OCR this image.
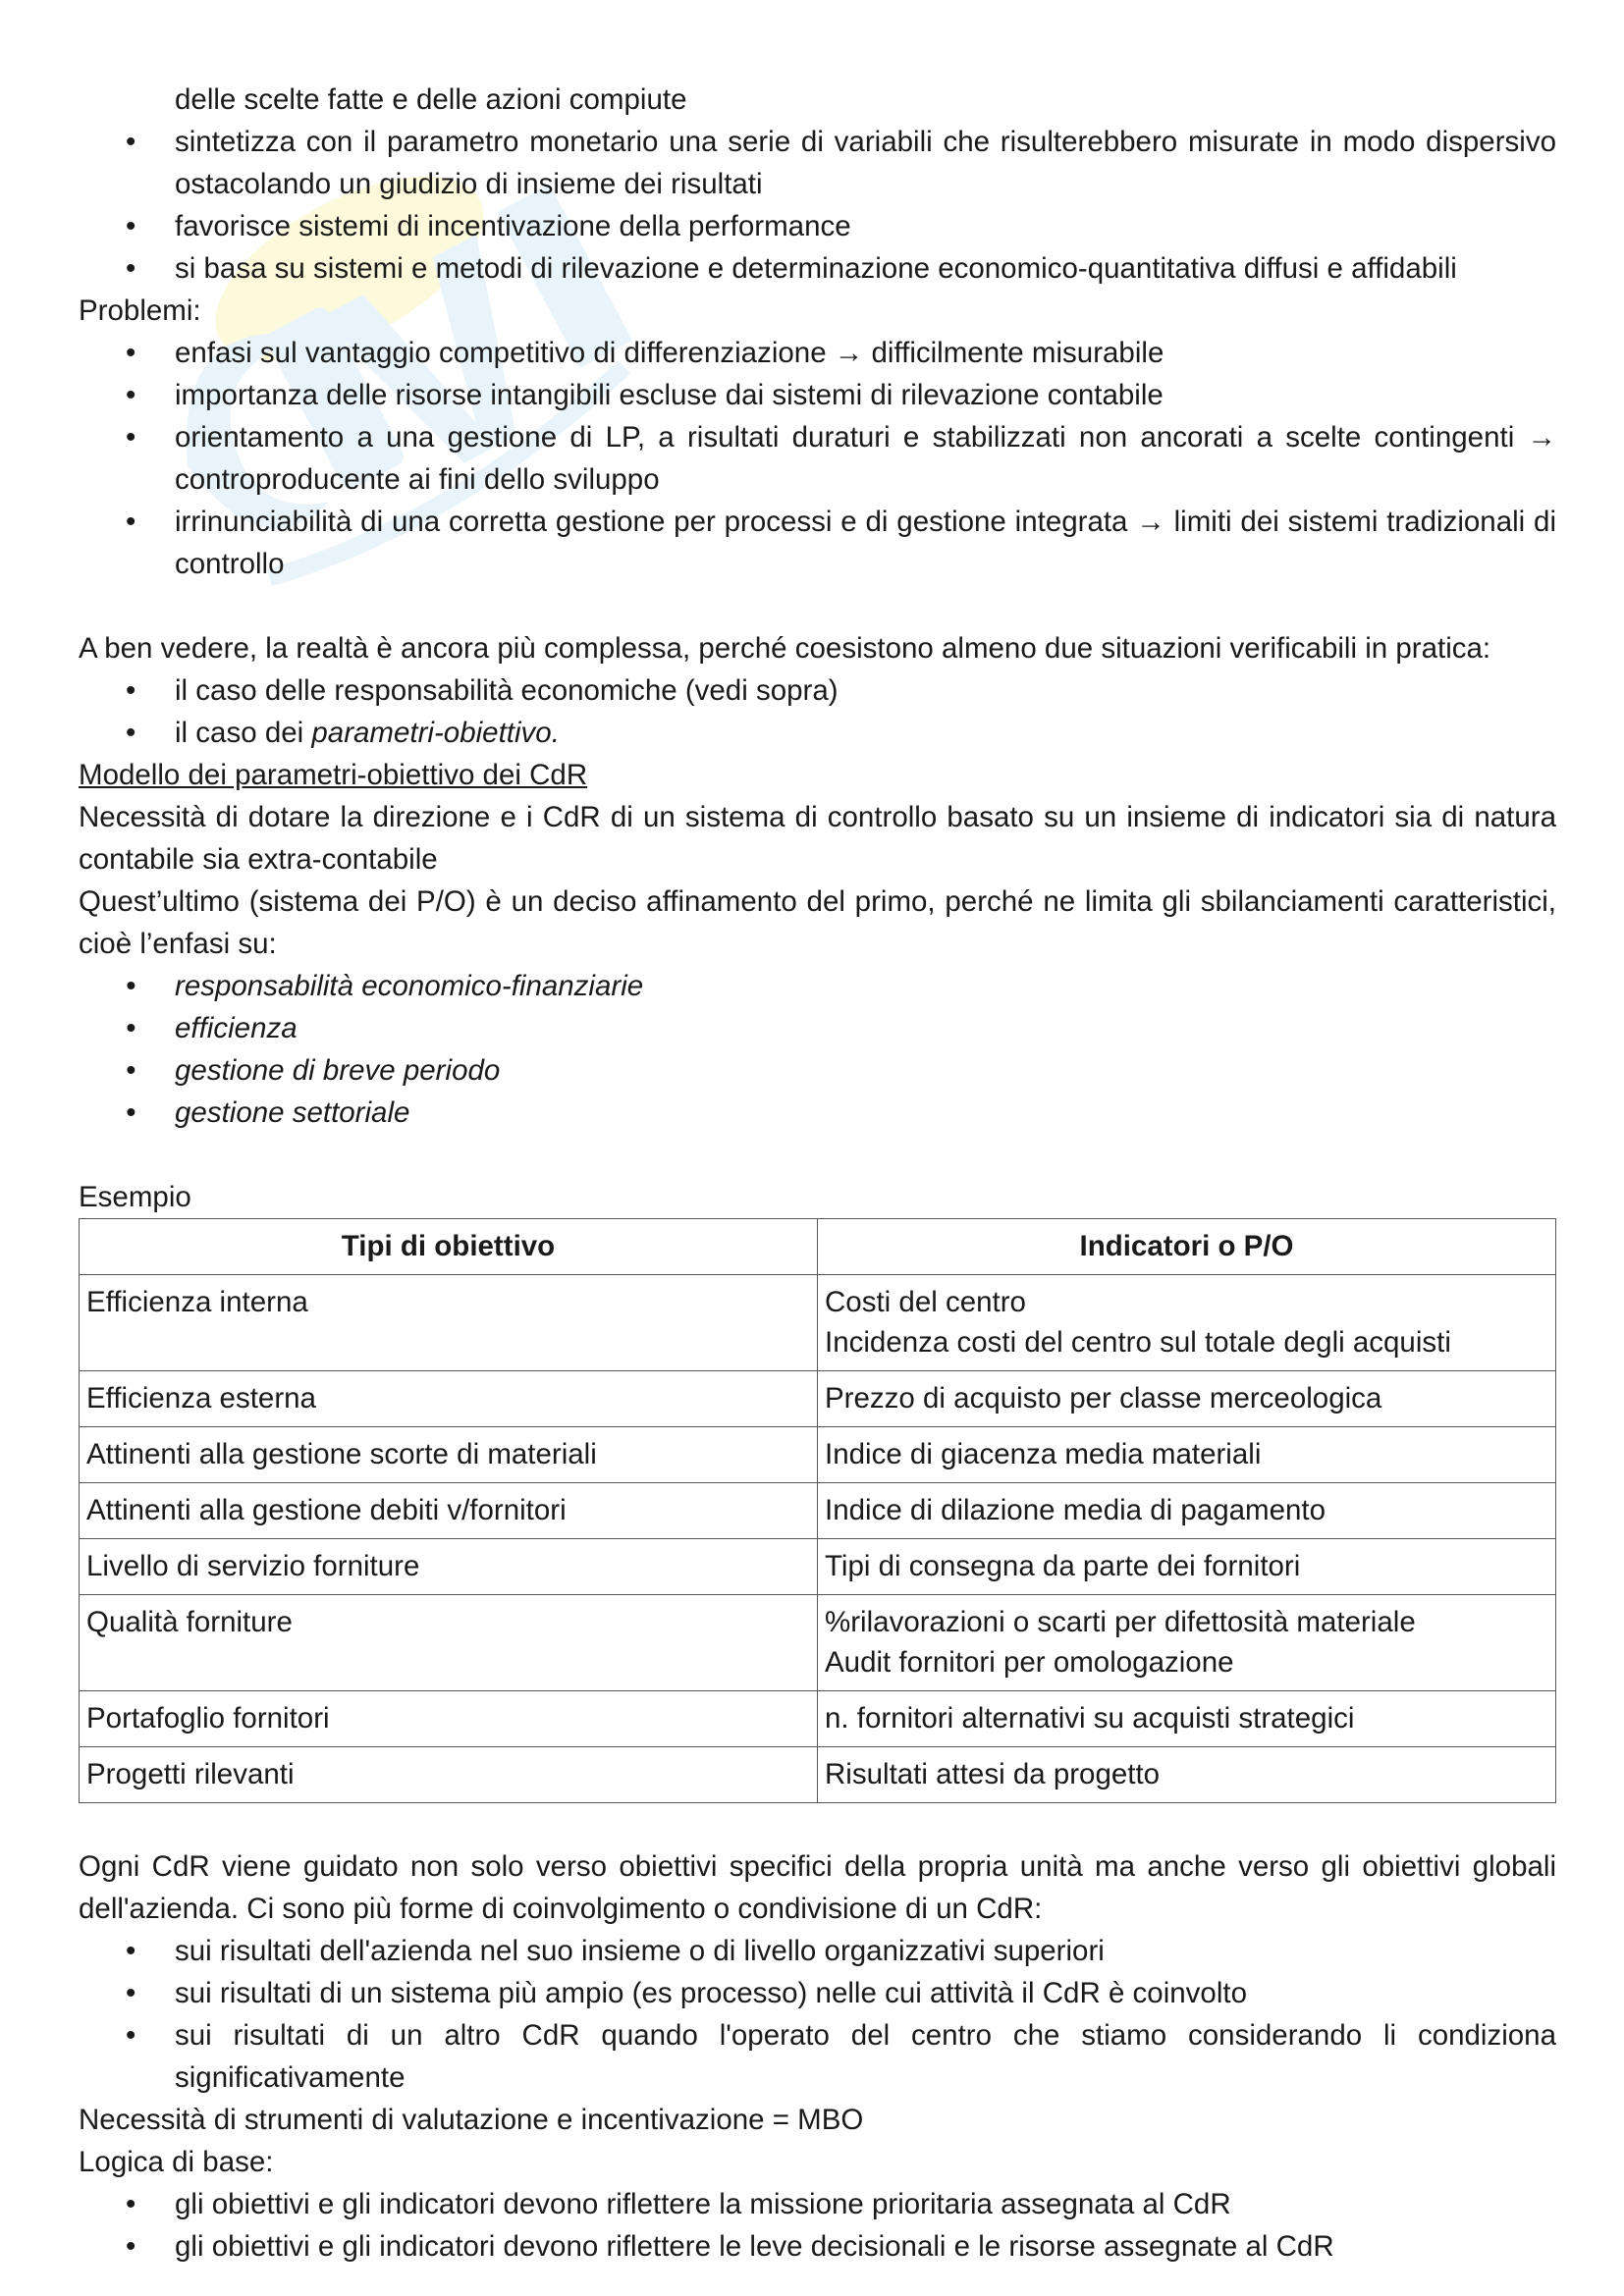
delle scelte fatte e delle azioni compiute

• sintetizza con il parametro monetario una serie di variabili che risulterebbero misurate in modo dispersivo ostacolando un giudizio di insieme dei risultati
• favorisce sistemi di incentivazione della performance
• si basa su sistemi e metodi di rilevazione e determinazione economico-quantitativa diffusi e affidabili

Problemi:

• enfasi sul vantaggio competitivo di differenziazione → difficilmente misurabile
• importanza delle risorse intangibili escluse dai sistemi di rilevazione contabile
• orientamento a una gestione di LP, a risultati duraturi e stabilizzati non ancorati a scelte contingenti → controproducente ai fini dello sviluppo
• irrinunciabilità di una corretta gestione per processi e di gestione integrata → limiti dei sistemi tradizionali di controllo

A ben vedere, la realtà è ancora più complessa, perché coesistono almeno due situazioni verificabili in pratica:

• il caso delle responsabilità economiche (vedi sopra)
• il caso dei parametri-obiettivo.

Modello dei parametri-obiettivo dei CdR

Necessità di dotare la direzione e i CdR di un sistema di controllo basato su un insieme di indicatori sia di natura contabile sia extra-contabile

Quest’ultimo (sistema dei P/O) è un deciso affinamento del primo, perché ne limita gli sbilanciamenti caratteristici, cioè l’enfasi su:

• responsabilità economico-finanziarie
• efficienza
• gestione di breve periodo
• gestione settoriale

Esempio

Tipi di obiettivo	Indicatori o P/O
Efficienza interna	Costi del centro
Incidenza costi del centro sul totale degli acquisti

Efficienza esterna	Prezzo di acquisto per classe merceologica
Attinenti alla gestione scorte di materiali	Indice di giacenza media materiali
Attinenti alla gestione debiti v/fornitori	Indice di dilazione media di pagamento
Livello di servizio forniture	Tipi di consegna da parte dei fornitori
Qualità forniture	%rilavorazioni o scarti per difettosità materiale
Audit fornitori per omologazione

Portafoglio fornitori	n. fornitori alternativi su acquisti strategici
Progetti rilevanti	Risultati attesi da progetto

Ogni CdR viene guidato non solo verso obiettivi specifici della propria unità ma anche verso gli obiettivi globali dell'azienda. Ci sono più forme di coinvolgimento o condivisione di un CdR:

• sui risultati dell'azienda nel suo insieme o di livello organizzativi superiori
• sui risultati di un sistema più ampio (es processo) nelle cui attività il CdR è coinvolto
• sui risultati di un altro CdR quando l'operato del centro che stiamo considerando li condiziona significativamente

Necessità di strumenti di valutazione e incentivazione = MBO

Logica di base:

• gli obiettivi e gli indicatori devono riflettere la missione prioritaria assegnata al CdR
• gli obiettivi e gli indicatori devono riflettere le leve decisionali e le risorse assegnate al CdR
